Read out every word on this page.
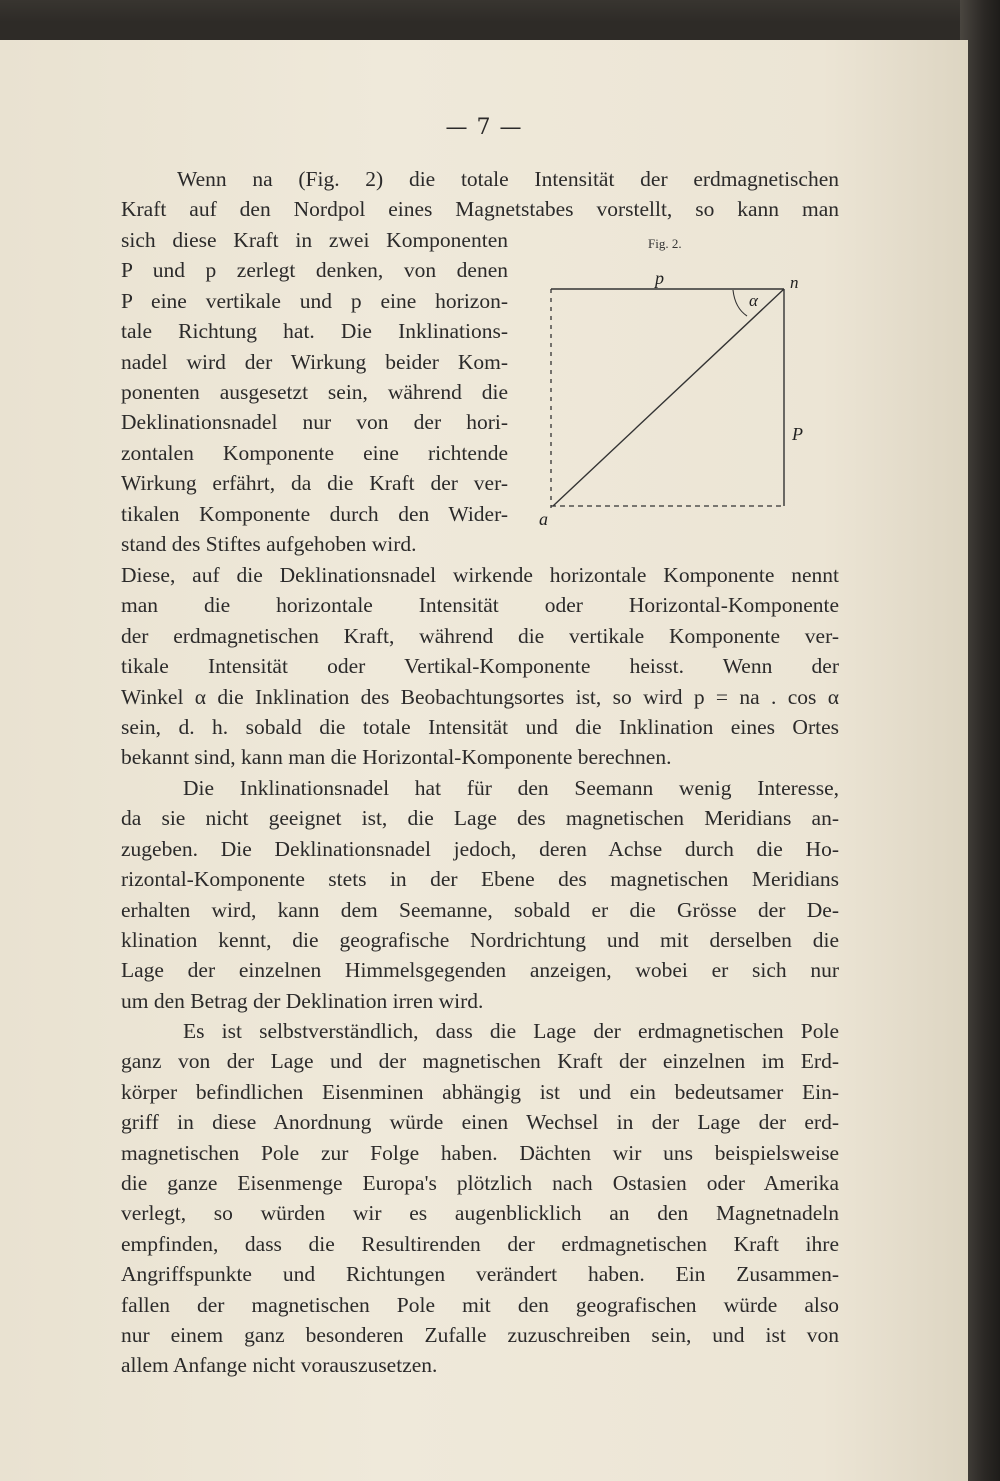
— 7 —
Fig. 2.
p	n
α
P
a

Wenn na (Fig. 2) die totale Intensität der erdmagnetischen

Kraft auf den Nordpol eines Magnetstabes vorstellt, so kann man

sich diese Kraft in zwei Komponenten

P und p zerlegt denken, von denen

P eine vertikale und p eine horizon-

tale Richtung hat. Die Inklinations-

nadel wird der Wirkung beider Kom-

ponenten ausgesetzt sein, während die

Deklinationsnadel nur von der hori-

zontalen Komponente eine richtende

Wirkung erfährt, da die Kraft der ver-

tikalen Komponente durch den Wider-

stand des Stiftes aufgehoben wird.

Diese, auf die Deklinationsnadel wirkende horizontale Komponente nennt

man die horizontale Intensität oder Horizontal-Komponente

der erdmagnetischen Kraft, während die vertikale Komponente ver-

tikale Intensität oder Vertikal-Komponente heisst. Wenn der

Winkel α die Inklination des Beobachtungsortes ist, so wird p = na . cos α

sein, d. h. sobald die totale Intensität und die Inklination eines Ortes

bekannt sind, kann man die Horizontal-Komponente berechnen.

Die Inklinationsnadel hat für den Seemann wenig Interesse,

da sie nicht geeignet ist, die Lage des magnetischen Meridians an-

zugeben. Die Deklinationsnadel jedoch, deren Achse durch die Ho-

rizontal-Komponente stets in der Ebene des magnetischen Meridians

erhalten wird, kann dem Seemanne, sobald er die Grösse der De-

klination kennt, die geografische Nordrichtung und mit derselben die

Lage der einzelnen Himmelsgegenden anzeigen, wobei er sich nur

um den Betrag der Deklination irren wird.

Es ist selbstverständlich, dass die Lage der erdmagnetischen Pole

ganz von der Lage und der magnetischen Kraft der einzelnen im Erd-

körper befindlichen Eisenminen abhängig ist und ein bedeutsamer Ein-

griff in diese Anordnung würde einen Wechsel in der Lage der erd-

magnetischen Pole zur Folge haben. Dächten wir uns beispielsweise

die ganze Eisenmenge Europa's plötzlich nach Ostasien oder Amerika

verlegt, so würden wir es augenblicklich an den Magnetnadeln

empfinden, dass die Resultirenden der erdmagnetischen Kraft ihre

Angriffspunkte und Richtungen verändert haben. Ein Zusammen-

fallen der magnetischen Pole mit den geografischen würde also

nur einem ganz besonderen Zufalle zuzuschreiben sein, und ist von

allem Anfange nicht vorauszusetzen.
